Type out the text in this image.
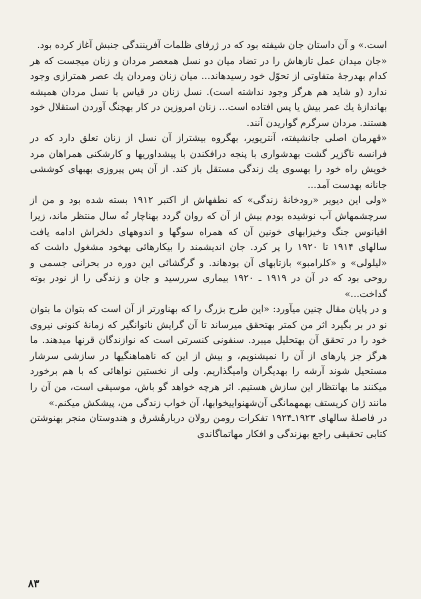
است.» و آن داستان جان شیفته بود که در ژرفای ظلمات آفرینندگی جنبش آغاز کرده بود.

«جان میدان عمل تازهاش را در تضاد میان دو نسل همعصر مردان و زنان میجست که هر کدام بهدرجهٔ متفاوتی از تحوّل خود رسیدهاند... میان زنان ومردان یك عصر همترازی وجود ندارد (و شاید هم هرگز وجود نداشته است). نسل زنان در قیاس با نسل مردان همیشه بهاندازهٔ یك عمر بیش یا پس افتاده است... زنان امروزین در کار بهچنگ آوردن استقلال خود هستند. مردان سرگرم گواریدن آنند.

«قهرمان اصلی جانشیفته، آنتریویر، بهگروه بیشتراز آن نسل از زنان تعلق دارد که در فرانسه ناگزیر گشت بهدشواری با پنجه درافکندن با پیشداوریها و کارشکنی همراهان مرد خویش راه خود را بهسوی یك زندگی مستقل باز کند. از آن پس پیروزی بهبهای کوششی جانانه بهدست آمد...

«ولی این دیویر «رودخانهٔ زندگی» که نطفهاش از اکتبر ۱۹۱۲ بسته شده بود و من از سرچشمهاش آب نوشیده بودم بیش از آن که روان گردد بهناچار نُه سال منتظر ماند، زیرا اقیانوس جنگ وخیزابهای خونین آن که همراه سوگها و اندوههای دلخراش ادامه یافت سالهای ۱۹۱۴ تا ۱۹۲۰ را پر کرد. جان اندیشمند را بیکارهائی بهخود مشغول داشت که «لیلولی» و «کلرامبو» بازتابهای آن بودهاند. و گرگشائی این دوره در بحرانی جسمی و روحی بود که در آن در ۱۹۱۹ ـ ۱۹۲۰ بیماری سررسید و جان و زندگی را از نودر بوته گداخت...»

و در پایان مقال چنین میآورد: «این طرح بزرگ را که بهناورتر از آن است که بتوان ما بتوان نو در بر بگیرد اثر من کمتر بهتحقق میرساند تا آن گرایش ناتوانگیر که زمانهٔ کنونی نیروی خود را در تحقق آن بهتحلیل میبرد. سنفونی کنسرتی است که نوازندگان قرنها میدهند. ما هرگز جز پارهای از آن را نمیشنویم، و بیش از این که ناهماهنگیها در سازشی سرشار مستحیل شوند آرشه را بهدیگران وامیگذاریم. ولی از نخستین نواهائی که با هم برخورد میکنند ما بهانتظار این سازش هستیم. اثر هرچه خواهد گو باش، موسیقی است، من آن را مانند ژان کریستف بهمهمانگی آن‌شهنواییخوابها، آن خواب زندگی من، پیشکش میکنم.»

در فاصلهٔ سالهای ۱۹۲۳ـ۱۹۲۴ تفکرات رومن رولان دربارهٔشرق و هندوستان منجر بهنوشتن کتابی تحقیقی راجع بهزندگی و افکار مهاتماگاندی

۸۳
